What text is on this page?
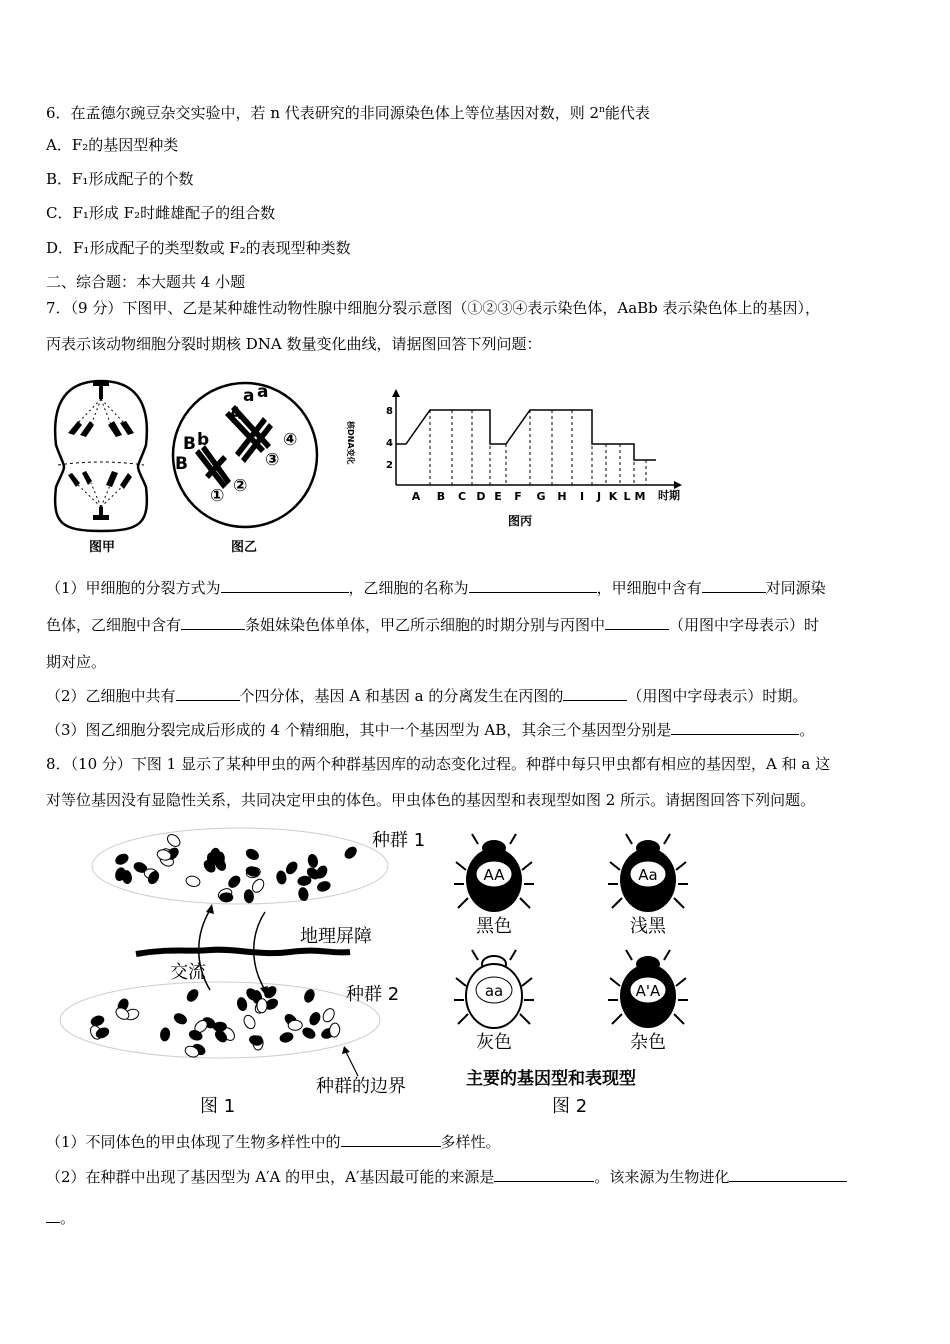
6．在孟德尔豌豆杂交实验中，若 n 代表研究的非同源染色体上等位基因对数，则 2$^n$能代表
A．F₂的基因型种类
B．F₁形成配子的个数
C．F₁形成 F₂时雌雄配子的组合数
D．F₁形成配子的类型数或 F₂的表现型种类数
二、综合题：本大题共 4 小题
7．（9 分）下图甲、乙是某种雄性动物性腺中细胞分裂示意图（①②③④表示染色体，AaBb 表示染色体上的基因），
丙表示该动物细胞分裂时期核 DNA 数量变化曲线，请据图回答下列问题：
图甲
A
a a
B b
B
① ②
③
④
图乙
核DNA变化
8
4
2
A B C D E F G H I J K L M 时期
图丙
（1）甲细胞的分裂方式为	，乙细胞的名称为	，甲细胞中含有	对同源染
色体，乙细胞中含有	条姐妹染色体单体，甲乙所示细胞的时期分别与丙图中	（用图中字母表示）时
期对应。
（2）乙细胞中共有	个四分体，基因 A 和基因 a 的分离发生在丙图的	（用图中字母表示）时期。
（3）图乙细胞分裂完成后形成的 4 个精细胞，其中一个基因型为 AB，其余三个基因型分别是	。
8．（10 分）下图 1 显示了某种甲虫的两个种群基因库的动态变化过程。种群中每只甲虫都有相应的基因型，A 和 a 这
对等位基因没有显隐性关系，共同决定甲虫的体色。甲虫体色的基因型和表现型如图 2 所示。请据图回答下列问题。
种群 1
种群 2
地理屏障
交流
种群的边界
图 1
AA
黑色
Aa
浅黑
aa
灰色
A'A
杂色
主要的基因型和表现型
图 2
（1）不同体色的甲虫体现了生物多样性中的	多样性。
（2）在种群中出现了基因型为 A′A 的甲虫，A′基因最可能的来源是	。该来源为生物进化
。
